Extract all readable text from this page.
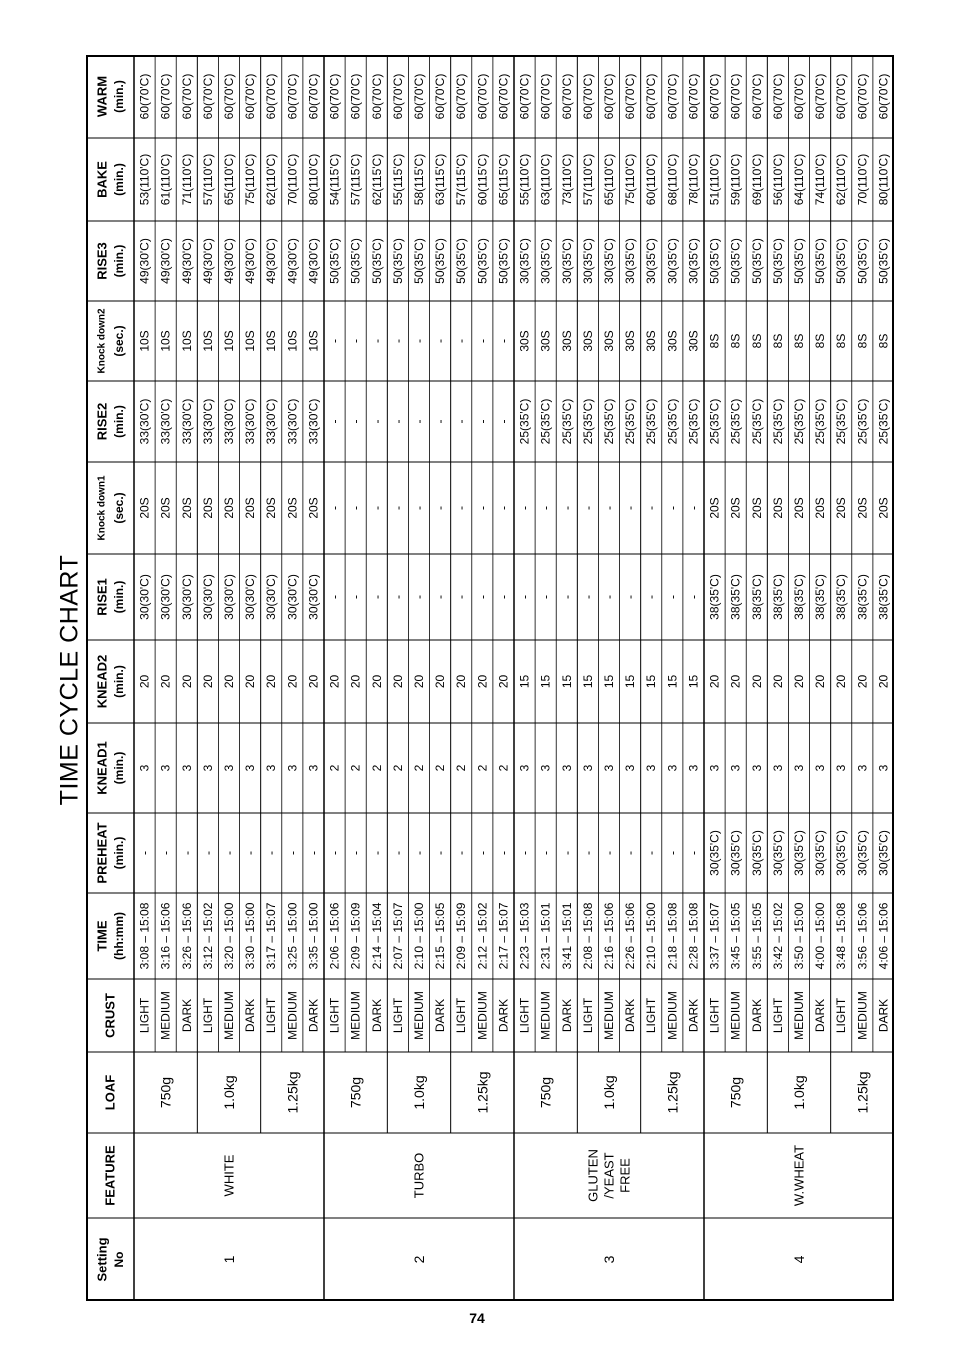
TIME CYCLE CHART
Setting No
FEATURE
LOAF
CRUST
TIME (hh:mm)
PREHEAT (min.)
KNEAD1 (min.)
KNEAD2 (min.)
RISE1 (min.)
Knock down1 (sec.)
RISE2 (min.)
Knock down2 (sec.)
RISE3 (min.)
BAKE (min.)
WARM (min.)
LIGHT
3:08 – 15:08
-
3
20
30(30'C)
20S
33(30'C)
10S
49(30'C)
53(110'C)
60(70'C)
MEDIUM
3:16 – 15:06
-
3
20
30(30'C)
20S
33(30'C)
10S
49(30'C)
61(110'C)
60(70'C)
DARK
3:26 – 15:06
-
3
20
30(30'C)
20S
33(30'C)
10S
49(30'C)
71(110'C)
60(70'C)
750g
LIGHT
3:12 – 15:02
-
3
20
30(30'C)
20S
33(30'C)
10S
49(30'C)
57(110'C)
60(70'C)
MEDIUM
3:20 – 15:00
-
3
20
30(30'C)
20S
33(30'C)
10S
49(30'C)
65(110'C)
60(70'C)
DARK
3:30 – 15:00
-
3
20
30(30'C)
20S
33(30'C)
10S
49(30'C)
75(110'C)
60(70'C)
1.0kg
LIGHT
3:17 – 15:07
-
3
20
30(30'C)
20S
33(30'C)
10S
49(30'C)
62(110'C)
60(70'C)
MEDIUM
3:25 – 15:00
-
3
20
30(30'C)
20S
33(30'C)
10S
49(30'C)
70(110'C)
60(70'C)
DARK
3:35 – 15:00
-
3
20
30(30'C)
20S
33(30'C)
10S
49(30'C)
80(110'C)
60(70'C)
1.25kg
1
WHITE
LIGHT
2:06 – 15:06
-
2
20
-
-
-
-
50(35'C)
54(115'C)
60(70'C)
MEDIUM
2:09 – 15:09
-
2
20
-
-
-
-
50(35'C)
57(115'C)
60(70'C)
DARK
2:14 – 15:04
-
2
20
-
-
-
-
50(35'C)
62(115'C)
60(70'C)
750g
LIGHT
2:07 – 15:07
-
2
20
-
-
-
-
50(35'C)
55(115'C)
60(70'C)
MEDIUM
2:10 – 15:00
-
2
20
-
-
-
-
50(35'C)
58(115'C)
60(70'C)
DARK
2:15 – 15:05
-
2
20
-
-
-
-
50(35'C)
63(115'C)
60(70'C)
1.0kg
LIGHT
2:09 – 15:09
-
2
20
-
-
-
-
50(35'C)
57(115'C)
60(70'C)
MEDIUM
2:12 – 15:02
-
2
20
-
-
-
-
50(35'C)
60(115'C)
60(70'C)
DARK
2:17 – 15:07
-
2
20
-
-
-
-
50(35'C)
65(115'C)
60(70'C)
1.25kg
2
TURBO
LIGHT
2:23 – 15:03
-
3
15
-
-
25(35'C)
30S
30(35'C)
55(110'C)
60(70'C)
MEDIUM
2:31 – 15:01
-
3
15
-
-
25(35'C)
30S
30(35'C)
63(110'C)
60(70'C)
DARK
3:41 – 15:01
-
3
15
-
-
25(35'C)
30S
30(35'C)
73(110'C)
60(70'C)
750g
LIGHT
2:08 – 15:08
-
3
15
-
-
25(35'C)
30S
30(35'C)
57(110'C)
60(70'C)
MEDIUM
2:16 – 15:06
-
3
15
-
-
25(35'C)
30S
30(35'C)
65(110'C)
60(70'C)
DARK
2:26 – 15:06
-
3
15
-
-
25(35'C)
30S
30(35'C)
75(110'C)
60(70'C)
1.0kg
LIGHT
2:10 – 15:00
-
3
15
-
-
25(35'C)
30S
30(35'C)
60(110'C)
60(70'C)
MEDIUM
2:18 – 15:08
-
3
15
-
-
25(35'C)
30S
30(35'C)
68(110'C)
60(70'C)
DARK
2:28 – 15:08
-
3
15
-
-
25(35'C)
30S
30(35'C)
78(110'C)
60(70'C)
1.25kg
3
GLUTEN /YEAST FREE
LIGHT
3:37 – 15:07
30(35'C)
3
20
38(35'C)
20S
25(35'C)
8S
50(35'C)
51(110'C)
60(70'C)
MEDIUM
3:45 – 15:05
30(35'C)
3
20
38(35'C)
20S
25(35'C)
8S
50(35'C)
59(110'C)
60(70'C)
DARK
3:55 – 15:05
30(35'C)
3
20
38(35'C)
20S
25(35'C)
8S
50(35'C)
69(110'C)
60(70'C)
750g
LIGHT
3:42 – 15:02
30(35'C)
3
20
38(35'C)
20S
25(35'C)
8S
50(35'C)
56(110'C)
60(70'C)
MEDIUM
3:50 – 15:00
30(35'C)
3
20
38(35'C)
20S
25(35'C)
8S
50(35'C)
64(110'C)
60(70'C)
DARK
4:00 – 15:00
30(35'C)
3
20
38(35'C)
20S
25(35'C)
8S
50(35'C)
74(110'C)
60(70'C)
1.0kg
LIGHT
3:48 – 15:08
30(35'C)
3
20
38(35'C)
20S
25(35'C)
8S
50(35'C)
62(110'C)
60(70'C)
MEDIUM
3:56 – 15:06
30(35'C)
3
20
38(35'C)
20S
25(35'C)
8S
50(35'C)
70(110'C)
60(70'C)
DARK
4:06 – 15:06
30(35'C)
3
20
38(35'C)
20S
25(35'C)
8S
50(35'C)
80(110'C)
60(70'C)
1.25kg
4
W.WHEAT
74
